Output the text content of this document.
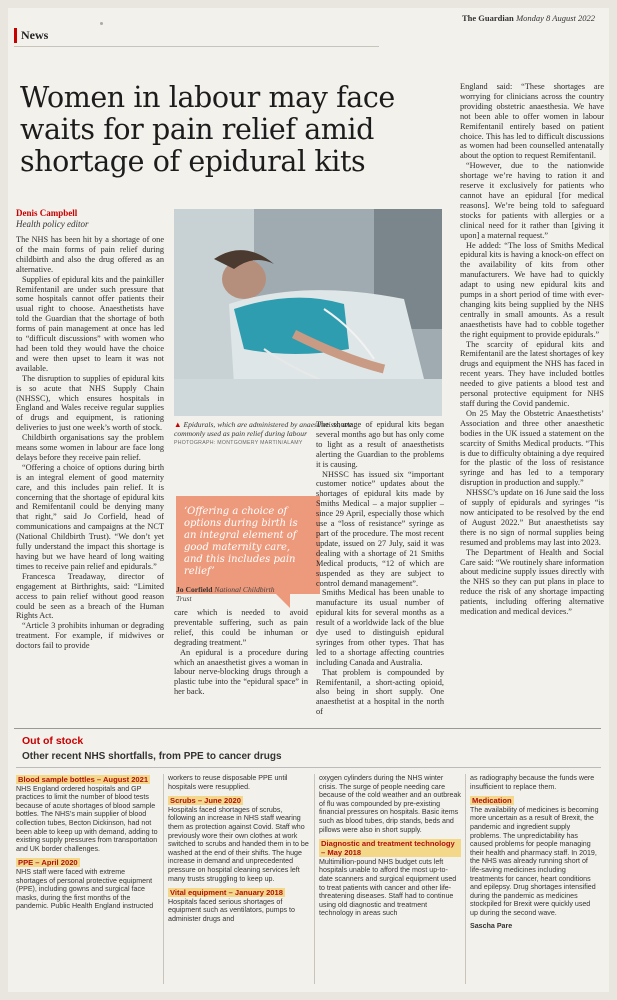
The Guardian Monday 8 August 2022
News
Women in labour may face waits for pain relief amid shortage of epidural kits
Denis Campbell
Health policy editor

The NHS has been hit by a shortage of one of the main forms of pain relief during childbirth and also the drug offered as an alternative.

Supplies of epidural kits and the painkiller Remifentanil are under such pressure that some hospitals cannot offer patients their usual right to choose. Anaesthetists have told the Guardian that the shortage of both forms of pain management at once has led to “difficult discussions” with women who had been told they would have the choice and were then upset to learn it was not available.

The disruption to supplies of epidural kits is so acute that NHS Supply Chain (NHSSC), which ensures hospitals in England and Wales receive regular supplies of drugs and equipment, is rationing deliveries to just one week’s worth of stock.

Childbirth organisations say the problem means some women in labour are face long delays before they receive pain relief.

“Offering a choice of options during birth is an integral element of good maternity care, and this includes pain relief. It is concerning that the shortage of epidural kits and Remifentanil could be denying many that right,” said Jo Corfield, head of communications and campaigns at the NCT (National Childbirth Trust). “We don’t yet fully understand the impact this shortage is having but we have heard of long waiting times to receive pain relief and epidurals.”

Francesca Treadaway, director of engagement at Birthrights, said: “Limited access to pain relief without good reason could be seen as a breach of the Human Rights Act.

“Article 3 prohibits inhuman or degrading treatment. For example, if midwives or doctors fail to provide

▲ Epidurals, which are administered by anaesthetists, are commonly used as pain relief during labour
PHOTOGRAPH: MONTGOMERY MARTIN/ALAMY
‘Offering a choice of options during birth is an integral element of good maternity care, and this includes pain relief’
Jo Corfield National Childbirth Trust

care which is needed to avoid preventable suffering, such as pain relief, this could be inhuman or degrading treatment.”

An epidural is a procedure during which an anaesthetist gives a woman in labour nerve-blocking drugs through a plastic tube into the “epidural space” in her back.

The shortage of epidural kits began several months ago but has only come to light as a result of anaesthetists alerting the Guardian to the problems it is causing.

NHSSC has issued six “important customer notice” updates about the shortages of epidural kits made by Smiths Medical – a major supplier – since 29 April, especially those which use a “loss of resistance” syringe as part of the procedure. The most recent update, issued on 27 July, said it was dealing with a shortage of 21 Smiths Medical products, “12 of which are suspended as they are subject to control demand management”.

Smiths Medical has been unable to manufacture its usual number of epidural kits for several months as a result of a worldwide lack of the blue dye used to distinguish epidural syringes from other types. That has led to a shortage affecting countries including Canada and Australia.

That problem is compounded by Remifentanil, a short-acting opioid, also being in short supply. One anaesthetist at a hospital in the north of

England said: “These shortages are worrying for clinicians across the country providing obstetric anaesthesia. We have not been able to offer women in labour Remifentanil entirely based on patient choice. This has led to difficult discussions as women had been counselled antenatally about the option to request Remifentanil.

“However, due to the nationwide shortage we’re having to ration it and reserve it exclusively for patients who cannot have an epidural [for medical reasons]. We’re being told to safeguard stocks for patients with allergies or a clinical need for it rather than [giving it upon] a maternal request.”

He added: “The loss of Smiths Medical epidural kits is having a knock-on effect on the availability of kits from other manufacturers. We have had to quickly adapt to using new epidural kits and pumps in a short period of time with ever-changing kits being supplied by the NHS centrally in small amounts. As a result anaesthetists have had to cobble together the right equipment to provide epidurals.”

The scarcity of epidural kits and Remifentanil are the latest shortages of key drugs and equipment the NHS has faced in recent years. They have included bottles needed to give patients a blood test and personal protective equipment for NHS staff during the Covid pandemic.

On 25 May the Obstetric Anaesthetists’ Association and three other anaesthetic bodies in the UK issued a statement on the scarcity of Smiths Medical products. “This is due to difficulty obtaining a dye required for the plastic of the loss of resistance syringe and has led to a temporary disruption in production and supply.”

NHSSC’s update on 16 June said the loss of supply of epidurals and syringes “is now anticipated to be resolved by the end of August 2022.” But anaesthetists say there is no sign of normal supplies being resumed and problems may last into 2023.

The Department of Health and Social Care said: “We routinely share information about medicine supply issues directly with the NHS so they can put plans in place to reduce the risk of any shortage impacting patients, including offering alternative medication and medical devices.”

Out of stock
Other recent NHS shortfalls, from PPE to cancer drugs

Blood sample bottles – August 2021
NHS England ordered hospitals and GP practices to limit the number of blood tests because of acute shortages of blood sample bottles. The NHS’s main supplier of blood collection tubes, Becton Dickinson, had not been able to keep up with demand, adding to existing supply pressures from transportation and UK border challenges.

PPE – April 2020
NHS staff were faced with extreme shortages of personal protective equipment (PPE), including gowns and surgical face masks, during the first months of the pandemic. Public Health England instructed

workers to reuse disposable PPE until hospitals were resupplied.

Scrubs – June 2020
Hospitals faced shortages of scrubs, following an increase in NHS staff wearing them as protection against Covid. Staff who previously wore their own clothes at work switched to scrubs and handed them in to be washed at the end of their shifts. The huge increase in demand and unprecedented pressure on hospital cleaning services left many trusts struggling to keep up.

Vital equipment – January 2018
Hospitals faced serious shortages of equipment such as ventilators, pumps to administer drugs and

oxygen cylinders during the NHS winter crisis. The surge of people needing care because of the cold weather and an outbreak of flu was compounded by pre-existing financial pressures on hospitals. Basic items such as blood tubes, drip stands, beds and pillows were also in short supply.

Diagnostic and treatment technology – May 2018
Multimillion-pound NHS budget cuts left hospitals unable to afford the most up-to-date scanners and surgical equipment used to treat patients with cancer and other life-threatening diseases. Staff had to continue using old diagnostic and treatment technology in areas such

as radiography because the funds were insufficient to replace them.

Medication
The availability of medicines is becoming more uncertain as a result of Brexit, the pandemic and ingredient supply problems. The unpredictability has caused problems for people managing their health and pharmacy staff. In 2019, the NHS was already running short of life-saving medicines including treatments for cancer, heart conditions and epilepsy. Drug shortages intensified during the pandemic as medicines stockpiled for Brexit were quickly used up during the second wave.

Sascha Pare
